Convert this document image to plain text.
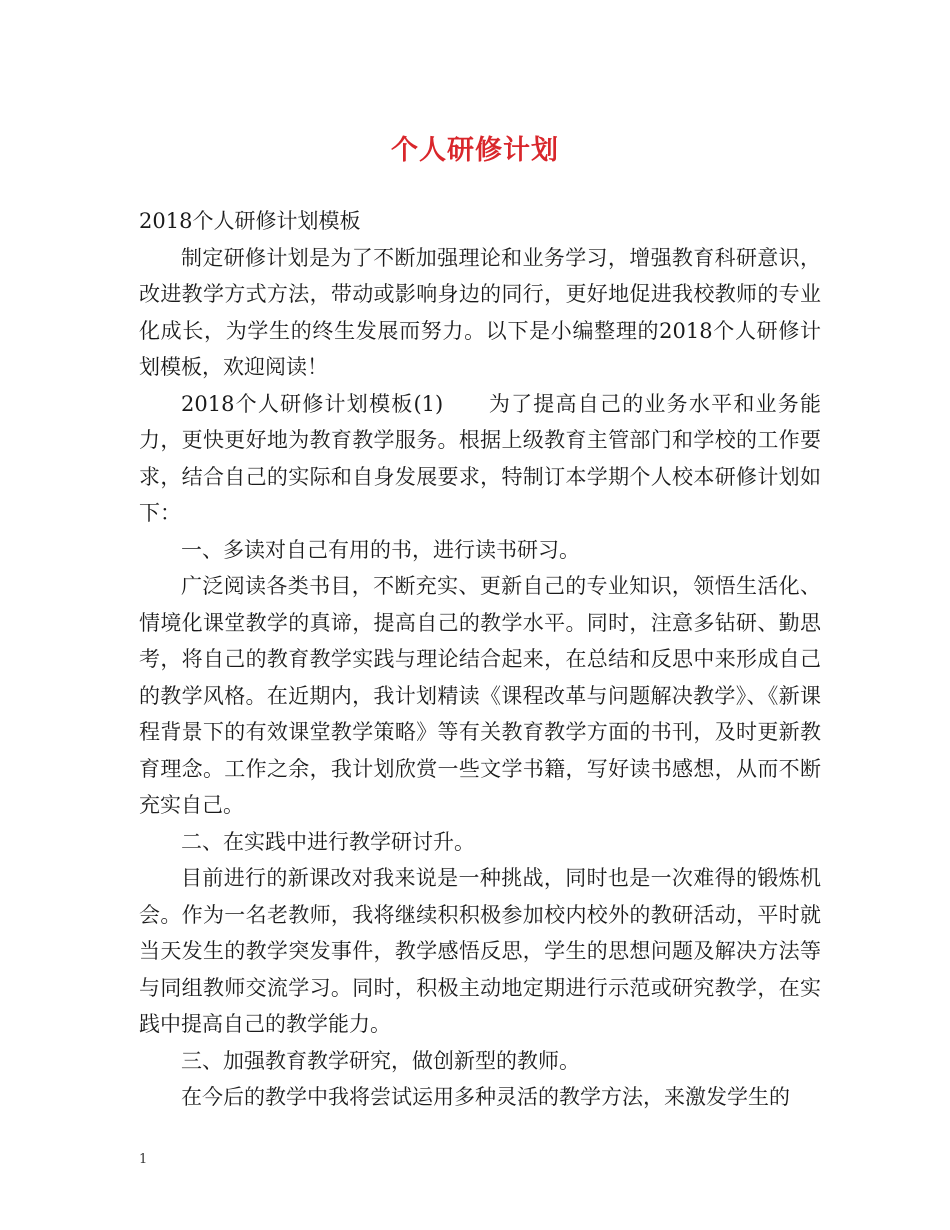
个人研修计划

2018个人研修计划模板

制定研修计划是为了不断加强理论和业务学习，增强教育科研意识，改进教学方式方法，带动或影响身边的同行，更好地促进我校教师的专业化成长，为学生的终生发展而努力。以下是小编整理的2018个人研修计划模板，欢迎阅读！

2018个人研修计划模板(1)　　为了提高自己的业务水平和业务能力，更快更好地为教育教学服务。根据上级教育主管部门和学校的工作要求，结合自己的实际和自身发展要求，特制订本学期个人校本研修计划如下：

一、多读对自己有用的书，进行读书研习。

广泛阅读各类书目，不断充实、更新自己的专业知识，领悟生活化、情境化课堂教学的真谛，提高自己的教学水平。同时，注意多钻研、勤思考，将自己的教育教学实践与理论结合起来，在总结和反思中来形成自己的教学风格。在近期内，我计划精读《课程改革与问题解决教学》、《新课程背景下的有效课堂教学策略》等有关教育教学方面的书刊，及时更新教育理念。工作之余，我计划欣赏一些文学书籍，写好读书感想，从而不断充实自己。

二、在实践中进行教学研讨升。

目前进行的新课改对我来说是一种挑战，同时也是一次难得的锻炼机会。作为一名老教师，我将继续积积极参加校内校外的教研活动，平时就当天发生的教学突发事件，教学感悟反思，学生的思想问题及解决方法等与同组教师交流学习。同时，积极主动地定期进行示范或研究教学，在实践中提高自己的教学能力。

三、加强教育教学研究，做创新型的教师。

在今后的教学中我将尝试运用多种灵活的教学方法，来激发学生的

1
